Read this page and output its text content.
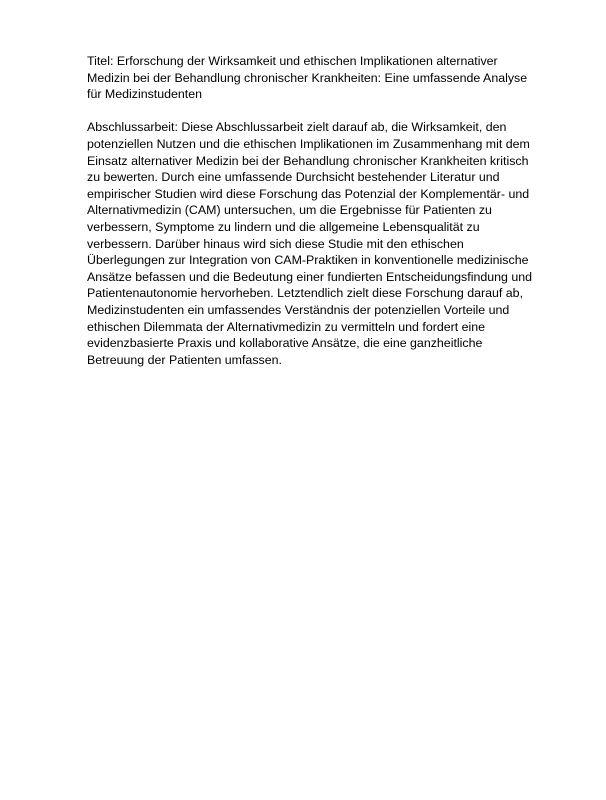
Titel: Erforschung der Wirksamkeit und ethischen Implikationen alternativer
Medizin bei der Behandlung chronischer Krankheiten: Eine umfassende Analyse
für Medizinstudenten

Abschlussarbeit: Diese Abschlussarbeit zielt darauf ab, die Wirksamkeit, den
potenziellen Nutzen und die ethischen Implikationen im Zusammenhang mit dem
Einsatz alternativer Medizin bei der Behandlung chronischer Krankheiten kritisch
zu bewerten. Durch eine umfassende Durchsicht bestehender Literatur und
empirischer Studien wird diese Forschung das Potenzial der Komplementär- und
Alternativmedizin (CAM) untersuchen, um die Ergebnisse für Patienten zu
verbessern, Symptome zu lindern und die allgemeine Lebensqualität zu
verbessern. Darüber hinaus wird sich diese Studie mit den ethischen
Überlegungen zur Integration von CAM-Praktiken in konventionelle medizinische
Ansätze befassen und die Bedeutung einer fundierten Entscheidungsfindung und
Patientenautonomie hervorheben. Letztendlich zielt diese Forschung darauf ab,
Medizinstudenten ein umfassendes Verständnis der potenziellen Vorteile und
ethischen Dilemmata der Alternativmedizin zu vermitteln und fordert eine
evidenzbasierte Praxis und kollaborative Ansätze, die eine ganzheitliche
Betreuung der Patienten umfassen.
